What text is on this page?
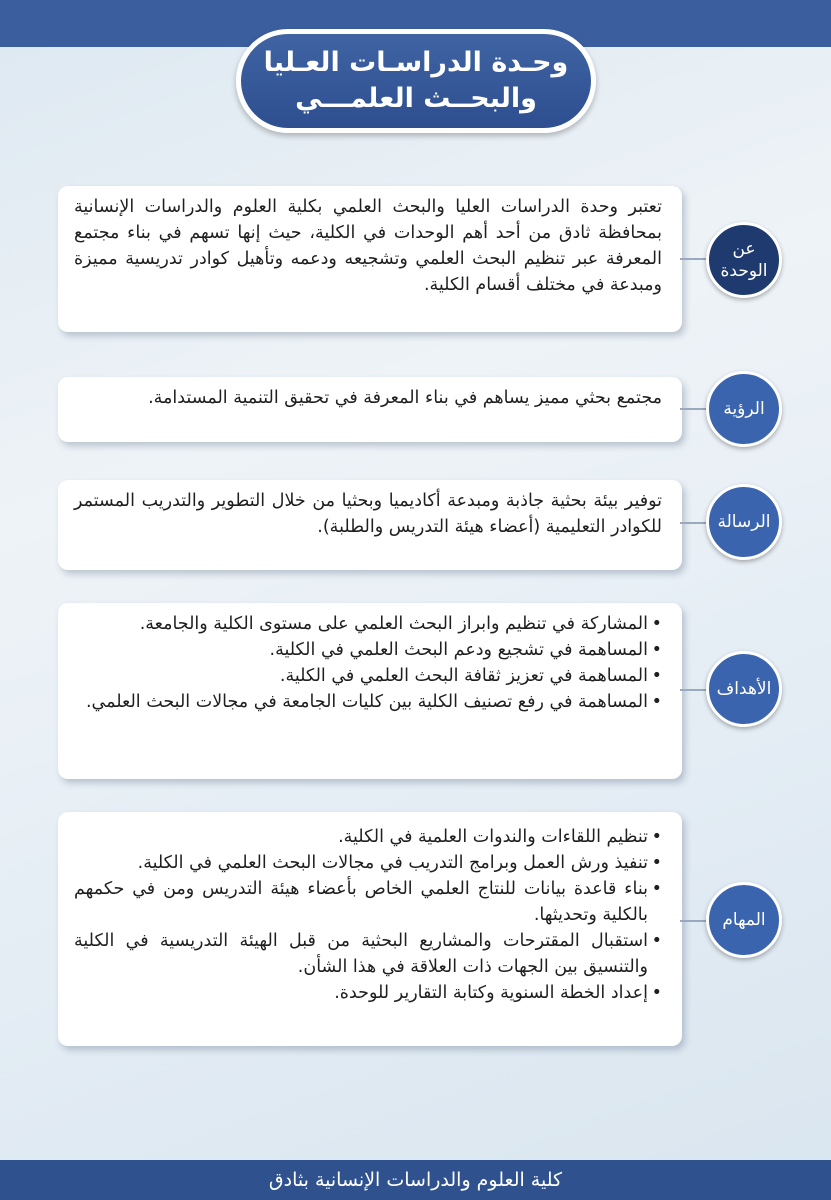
وحـدة الدراسـات العـليا
والبحــث العلمـــي
تعتبر وحدة الدراسات العليا والبحث العلمي بكلية العلوم والدراسات الإنسانية بمحافظة ثادق من أحد أهم الوحدات في الكلية، حيث إنها تسهم في بناء مجتمع المعرفة عبر تنظيم البحث العلمي وتشجيعه ودعمه وتأهيل كوادر تدريسية مميزة ومبدعة في مختلف أقسام الكلية.
عن الوحدة
مجتمع بحثي مميز يساهم في بناء المعرفة في تحقيق التنمية المستدامة.
الرؤية
توفير بيئة بحثية جاذبة ومبدعة أكاديميا وبحثيا من خلال التطوير والتدريب المستمر للكوادر التعليمية (أعضاء هيئة التدريس والطلبة).	الرسالة
• المشاركة في تنظيم وابراز البحث العلمي على مستوى الكلية والجامعة.
• المساهمة في تشجيع ودعم البحث العلمي في الكلية.
• المساهمة في تعزيز ثقافة البحث العلمي في الكلية.
• المساهمة في رفع تصنيف الكلية بين كليات الجامعة في مجالات البحث العلمي.
الأهداف
• تنظيم اللقاءات والندوات العلمية في الكلية.
• تنفيذ ورش العمل وبرامج التدريب في مجالات البحث العلمي في الكلية.
• بناء قاعدة بيانات للنتاج العلمي الخاص بأعضاء هيئة التدريس ومن في حكمهم بالكلية وتحديثها.
• استقبال المقترحات والمشاريع البحثية من قبل الهيئة التدريسية في الكلية والتنسيق بين الجهات ذات العلاقة في هذا الشأن.
• إعداد الخطة السنوية وكتابة التقارير للوحدة.
المهام
كلية العلوم والدراسات الإنسانية بثادق
